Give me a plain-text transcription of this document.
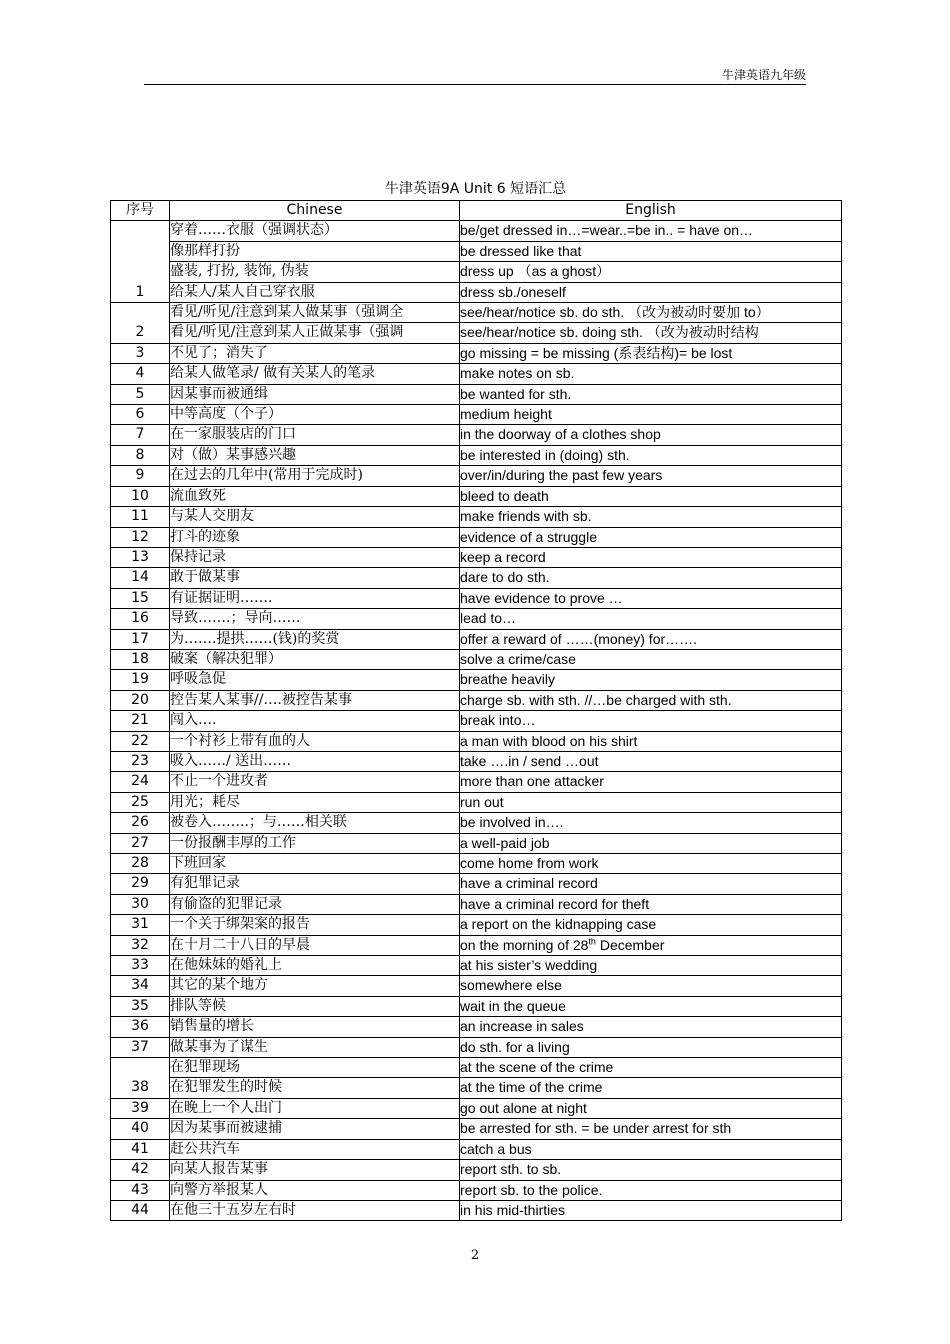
牛津英语九年级
牛津英语9A Unit 6 短语汇总
序号	Chinese	English
1	穿着……衣服（强调状态）	be/get dressed in…=wear..=be in.. = have on…
	像那样打扮	be dressed like that
	盛装, 打扮, 装饰, 伪装	dress up （as a ghost）
	给某人/某人自己穿衣服	dress sb./oneself
2	看见/听见/注意到某人做某事（强调全	see/hear/notice sb. do sth. （改为被动时要加 to）
	看见/听见/注意到某人正做某事（强调	see/hear/notice sb. doing sth. （改为被动时结构
3	不见了；消失了	go missing = be missing (系表结构)= be lost
4	给某人做笔录/ 做有关某人的笔录	make notes on sb.
5	因某事而被通缉	be wanted for sth.
6	中等高度（个子）	medium height
7	在一家服装店的门口	in the doorway of a clothes shop
8	对（做）某事感兴趣	be interested in (doing) sth.
9	在过去的几年中(常用于完成时)	over/in/during the past few years
10	流血致死	bleed to death
11	与某人交朋友	make friends with sb.
12	打斗的迹象	evidence of a struggle
13	保持记录	keep a record
14	敢于做某事	dare to do sth.
15	有证据证明…….	have evidence to prove …
16	导致…….；导向……	lead to…
17	为…….提拱……(钱)的奖赏	offer a reward of ……(money) for…….
18	破案（解决犯罪）	solve a crime/case
19	呼吸急促	breathe heavily
20	控告某人某事//….被控告某事	charge sb. with sth. //…be charged with sth.
21	闯入….	break into…
22	一个衬衫上带有血的人	a man with blood on his shirt
23	吸入……/ 送出……	take ….in / send …out
24	不止一个进攻者	more than one attacker
25	用光；耗尽	run out
26	被卷入……..；与……相关联	be involved in….
27	一份报酬丰厚的工作	a well-paid job
28	下班回家	come home from work
29	有犯罪记录	have a criminal record
30	有偷盗的犯罪记录	have a criminal record for theft
31	一个关于绑架案的报告	a report on the kidnapping case
32	在十月二十八日的早晨	on the morning of 28th December
33	在他妹妹的婚礼上	at his sister’s wedding
34	其它的某个地方	somewhere else
35	排队等候	wait in the queue
36	销售量的增长	an increase in sales
37	做某事为了谋生	do sth. for a living
38	在犯罪现场	at the scene of the crime
	在犯罪发生的时候	at the time of the crime
39	在晚上一个人出门	go out alone at night
40	因为某事而被逮捕	be arrested for sth. = be under arrest for sth
41	赶公共汽车	catch a bus
42	向某人报告某事	report sth. to sb.
43	向警方举报某人	report sb. to the police.
44	在他三十五岁左右时	in his mid-thirties
2
